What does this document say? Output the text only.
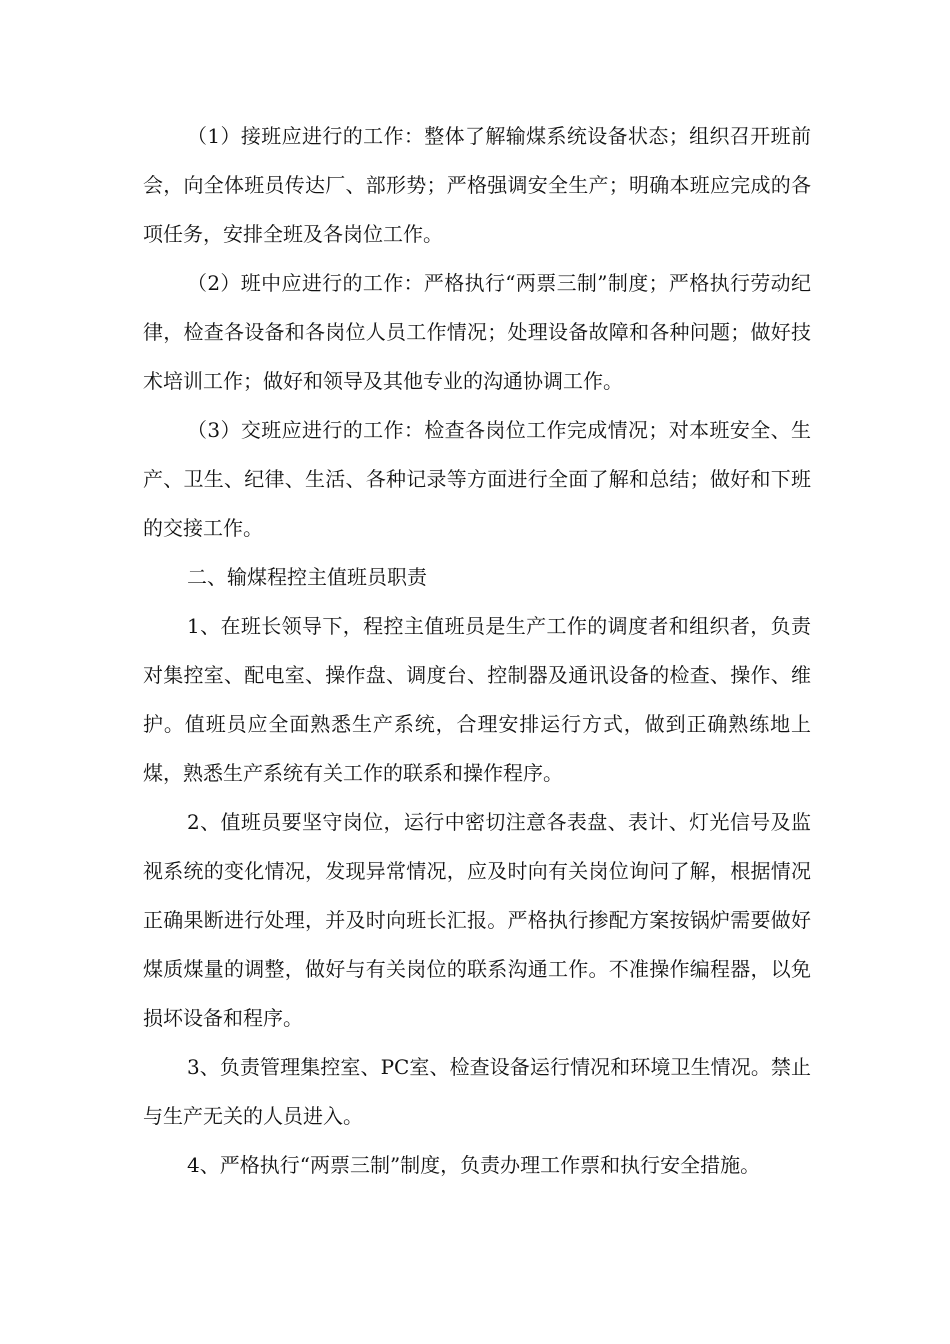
（1）接班应进行的工作：整体了解输煤系统设备状态；组织召开班前会，向全体班员传达厂、部形势；严格强调安全生产；明确本班应完成的各项任务，安排全班及各岗位工作。

（2）班中应进行的工作：严格执行“两票三制”制度；严格执行劳动纪律，检查各设备和各岗位人员工作情况；处理设备故障和各种问题；做好技术培训工作；做好和领导及其他专业的沟通协调工作。

（3）交班应进行的工作：检查各岗位工作完成情况；对本班安全、生产、卫生、纪律、生活、各种记录等方面进行全面了解和总结；做好和下班的交接工作。

二、输煤程控主值班员职责

1、在班长领导下，程控主值班员是生产工作的调度者和组织者，负责对集控室、配电室、操作盘、调度台、控制器及通讯设备的检查、操作、维护。值班员应全面熟悉生产系统，合理安排运行方式，做到正确熟练地上煤，熟悉生产系统有关工作的联系和操作程序。

2、值班员要坚守岗位，运行中密切注意各表盘、表计、灯光信号及监视系统的变化情况，发现异常情况，应及时向有关岗位询问了解，根据情况正确果断进行处理，并及时向班长汇报。严格执行掺配方案按锅炉需要做好煤质煤量的调整，做好与有关岗位的联系沟通工作。不准操作编程器，以免损坏设备和程序。

3、负责管理集控室、PC室、检查设备运行情况和环境卫生情况。禁止与生产无关的人员进入。

4、严格执行“两票三制”制度，负责办理工作票和执行安全措施。
